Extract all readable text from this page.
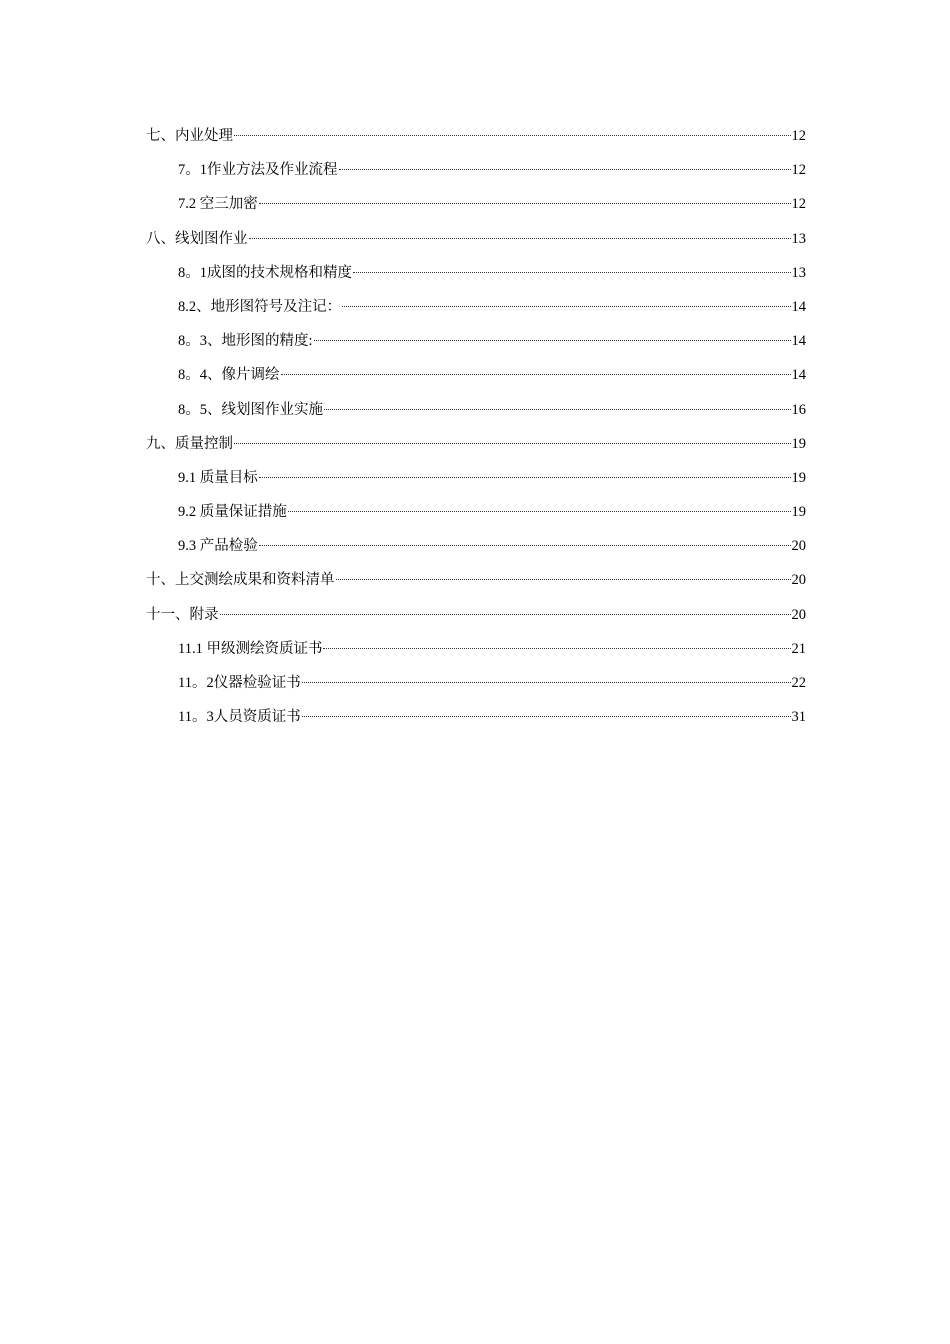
七、内业处理	12
7。1作业方法及作业流程	12
7.2 空三加密	12
八、线划图作业	13
8。1成图的技术规格和精度	13
8.2、地形图符号及注记：	14
8。3、地形图的精度:	14
8。4、像片调绘	14
8。5、线划图作业实施	16
九、质量控制	19
9.1 质量目标	19
9.2 质量保证措施	19
9.3 产品检验	20
十、上交测绘成果和资料清单	20
十一、附录	20
11.1 甲级测绘资质证书	21
11。2仪器检验证书	22
11。3人员资质证书	31
